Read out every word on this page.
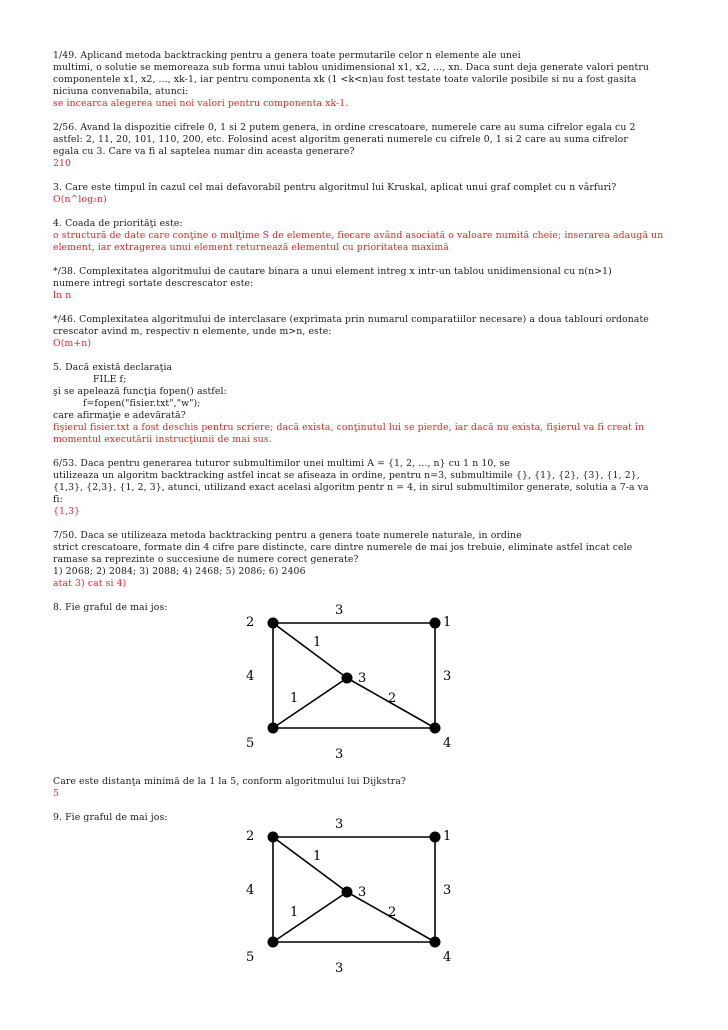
1/49. Aplicand metoda backtracking pentru a genera toate permutarile celor n elemente ale unei
multimi, o solutie se memoreaza sub forma unui tablou unidimensional x1, x2, ..., xn. Daca sunt deja generate valori pentru
componentele x1, x2, ..., xk-1, iar pentru componenta xk (1 <k<n)au fost testate toate valorile posibile si nu a fost gasita
niciuna convenabila, atunci:
se incearca alegerea unei noi valori pentru componenta xk-1.
2/56. Avand la dispozitie cifrele 0, 1 si 2 putem genera, in ordine crescatoare, numerele care au suma cifrelor egala cu 2
astfel: 2, 11, 20, 101, 110, 200, etc. Folosind acest algoritm generati numerele cu cifrele 0, 1 si 2 care au suma cifrelor
egala cu 3. Care va fi al saptelea numar din aceasta generare?
210
3. Care este timpul în cazul cel mai defavorabil pentru algoritmul lui Kruskal, aplicat unui graf complet cu n vârfuri?
O(n^log₂n)
4. Coada de priorităţi este:
o structură de date care conţine o mulţime S de elemente, fiecare având asociată o valoare numită cheie; inserarea adaugă un
element, iar extragerea unui element returnează elementul cu prioritatea maximă
*/38. Complexitatea algoritmului de cautare binara a unui element intreg x intr-un tablou unidimensional cu n(n>1)
numere intregi sortate descrescator este:
ln n
*/46. Complexitatea algoritmului de interclasare (exprimata prin numarul comparatiilor necesare) a doua tablouri ordonate
crescator avind m, respectiv n elemente, unde m>n, este:
O(m+n)
5. Dacă există declaraţia
FILE f;
şi se apelează funcţia fopen() astfel:
f=fopen("fisier.txt","w");
care afirmaţie e adevărată?
fişierul fisier.txt a fost deschis pentru scriere; dacă exista, conţinutul lui se pierde, iar dacă nu exista, fişierul va fi creat în
momentul executării instrucţiunii de mai sus.
6/53. Daca pentru generarea tuturor submultimilor unei multimi A = {1, 2, ..., n} cu 1 n 10, se
utilizeaza un algoritm backtracking astfel incat se afiseaza in ordine, pentru n=3, submultimile {}, {1}, {2}, {3}, {1, 2},
{1,3}, {2,3}, {1, 2, 3}, atunci, utilizand exact acelasi algoritm pentr n = 4, in sirul submultimilor generate, solutia a 7-a va
fi:
{1,3}
7/50. Daca se utilizeaza metoda backtracking pentru a genera toate numerele naturale, in ordine
strict crescatoare, formate din 4 cifre pare distincte, care dintre numerele de mai jos trebuie, eliminate astfel incat cele
ramase sa reprezinte o succesiune de numere corect generate?
1) 2068; 2) 2084; 3) 2088; 4) 2468; 5) 2086; 6) 2406
atat 3) cat si 4)
8. Fie graful de mai jos:
2	1
3
5	4
3
4	3
3
1
1	2
Care este distanţa minimă de la 1 la 5, conform algoritmului lui Dijkstra?
5
9. Fie graful de mai jos:
2	1
3
5	4
3
4	3
3
1
1	2
